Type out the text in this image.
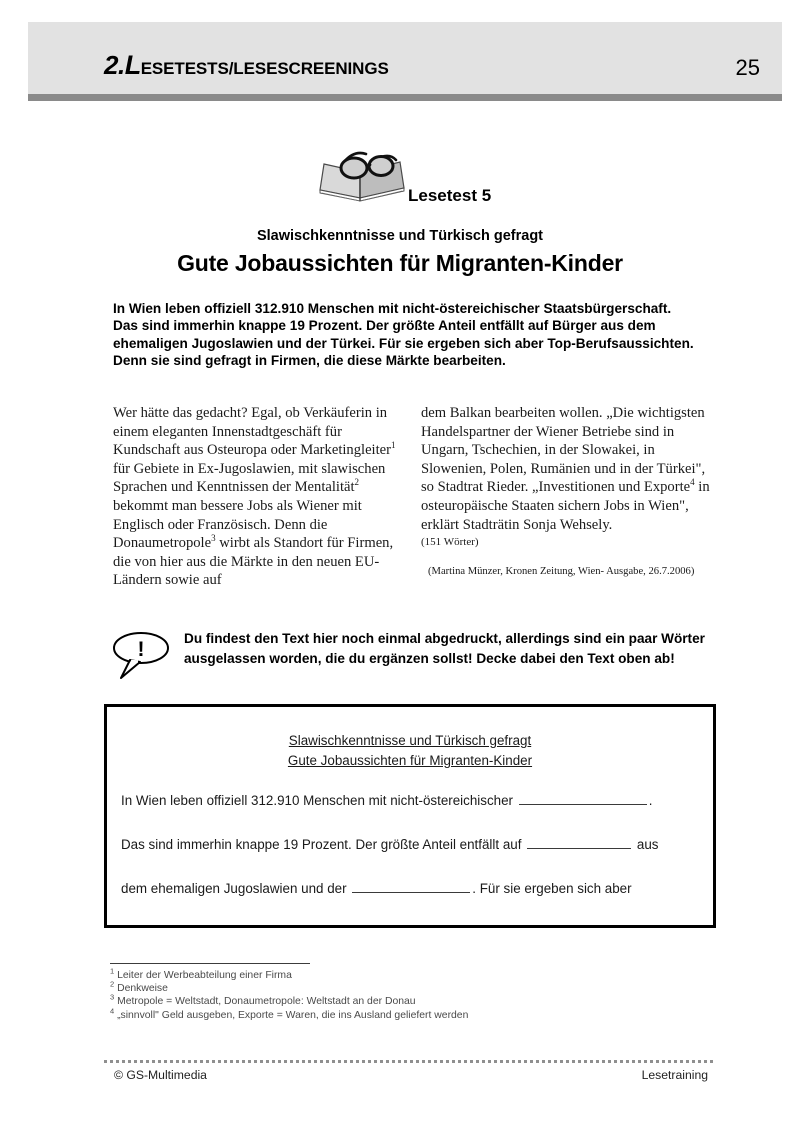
2.LESETESTS/LESESCREENINGS	25
Lesetest 5
Slawischkenntnisse und Türkisch gefragt
Gute Jobaussichten für Migranten-Kinder
In Wien leben offiziell 312.910 Menschen mit nicht-östereichischer Staatsbürgerschaft. Das sind immerhin knappe 19 Prozent. Der größte Anteil entfällt auf Bürger aus dem ehemaligen Jugoslawien und der Türkei. Für sie ergeben sich aber Top-Berufsaussichten. Denn sie sind gefragt in Firmen, die diese Märkte bearbeiten.
Wer hätte das gedacht? Egal, ob Verkäuferin in einem eleganten Innenstadtgeschäft für Kundschaft aus Osteuropa oder Marketingleiter$^1$ für Gebiete in Ex-Jugoslawien, mit slawischen Sprachen und Kenntnissen der Mentalität$^2$ bekommt man bessere Jobs als Wiener mit Englisch oder Französisch. Denn die Donaumetropole$^3$ wirbt als Standort für Firmen, die von hier aus die Märkte in den neuen EU-Ländern sowie auf
dem Balkan bearbeiten wollen. „Die wichtigsten Handelspartner der Wiener Betriebe sind in Ungarn, Tschechien, in der Slowakei, in Slowenien, Polen, Rumänien und in der Türkei", so Stadtrat Rieder. „Investitionen und Exporte$^4$ in osteuropäische Staaten sichern Jobs in Wien", erklärt Stadträtin Sonja Wehsely.
(151 Wörter)
(Martina Münzer, Kronen Zeitung, Wien- Ausgabe, 26.7.2006)
!	Du findest den Text hier noch einmal abgedruckt, allerdings sind ein paar Wörter ausgelassen worden, die du ergänzen sollst! Decke dabei den Text oben ab!
Slawischkenntnisse und Türkisch gefragt
Gute Jobaussichten für Migranten-Kinder
In Wien leben offiziell 312.910 Menschen mit nicht-östereichischer	.
Das sind immerhin knappe 19 Prozent. Der größte Anteil entfällt auf	aus
dem ehemaligen Jugoslawien und der	. Für sie ergeben sich aber
$^1$ Leiter der Werbeabteilung einer Firma
$^2$ Denkweise
$^3$ Metropole = Weltstadt, Donaumetropole: Weltstadt an der Donau
$^4$ „sinnvoll" Geld ausgeben, Exporte = Waren, die ins Ausland geliefert werden
© GS-Multimedia	Lesetraining
